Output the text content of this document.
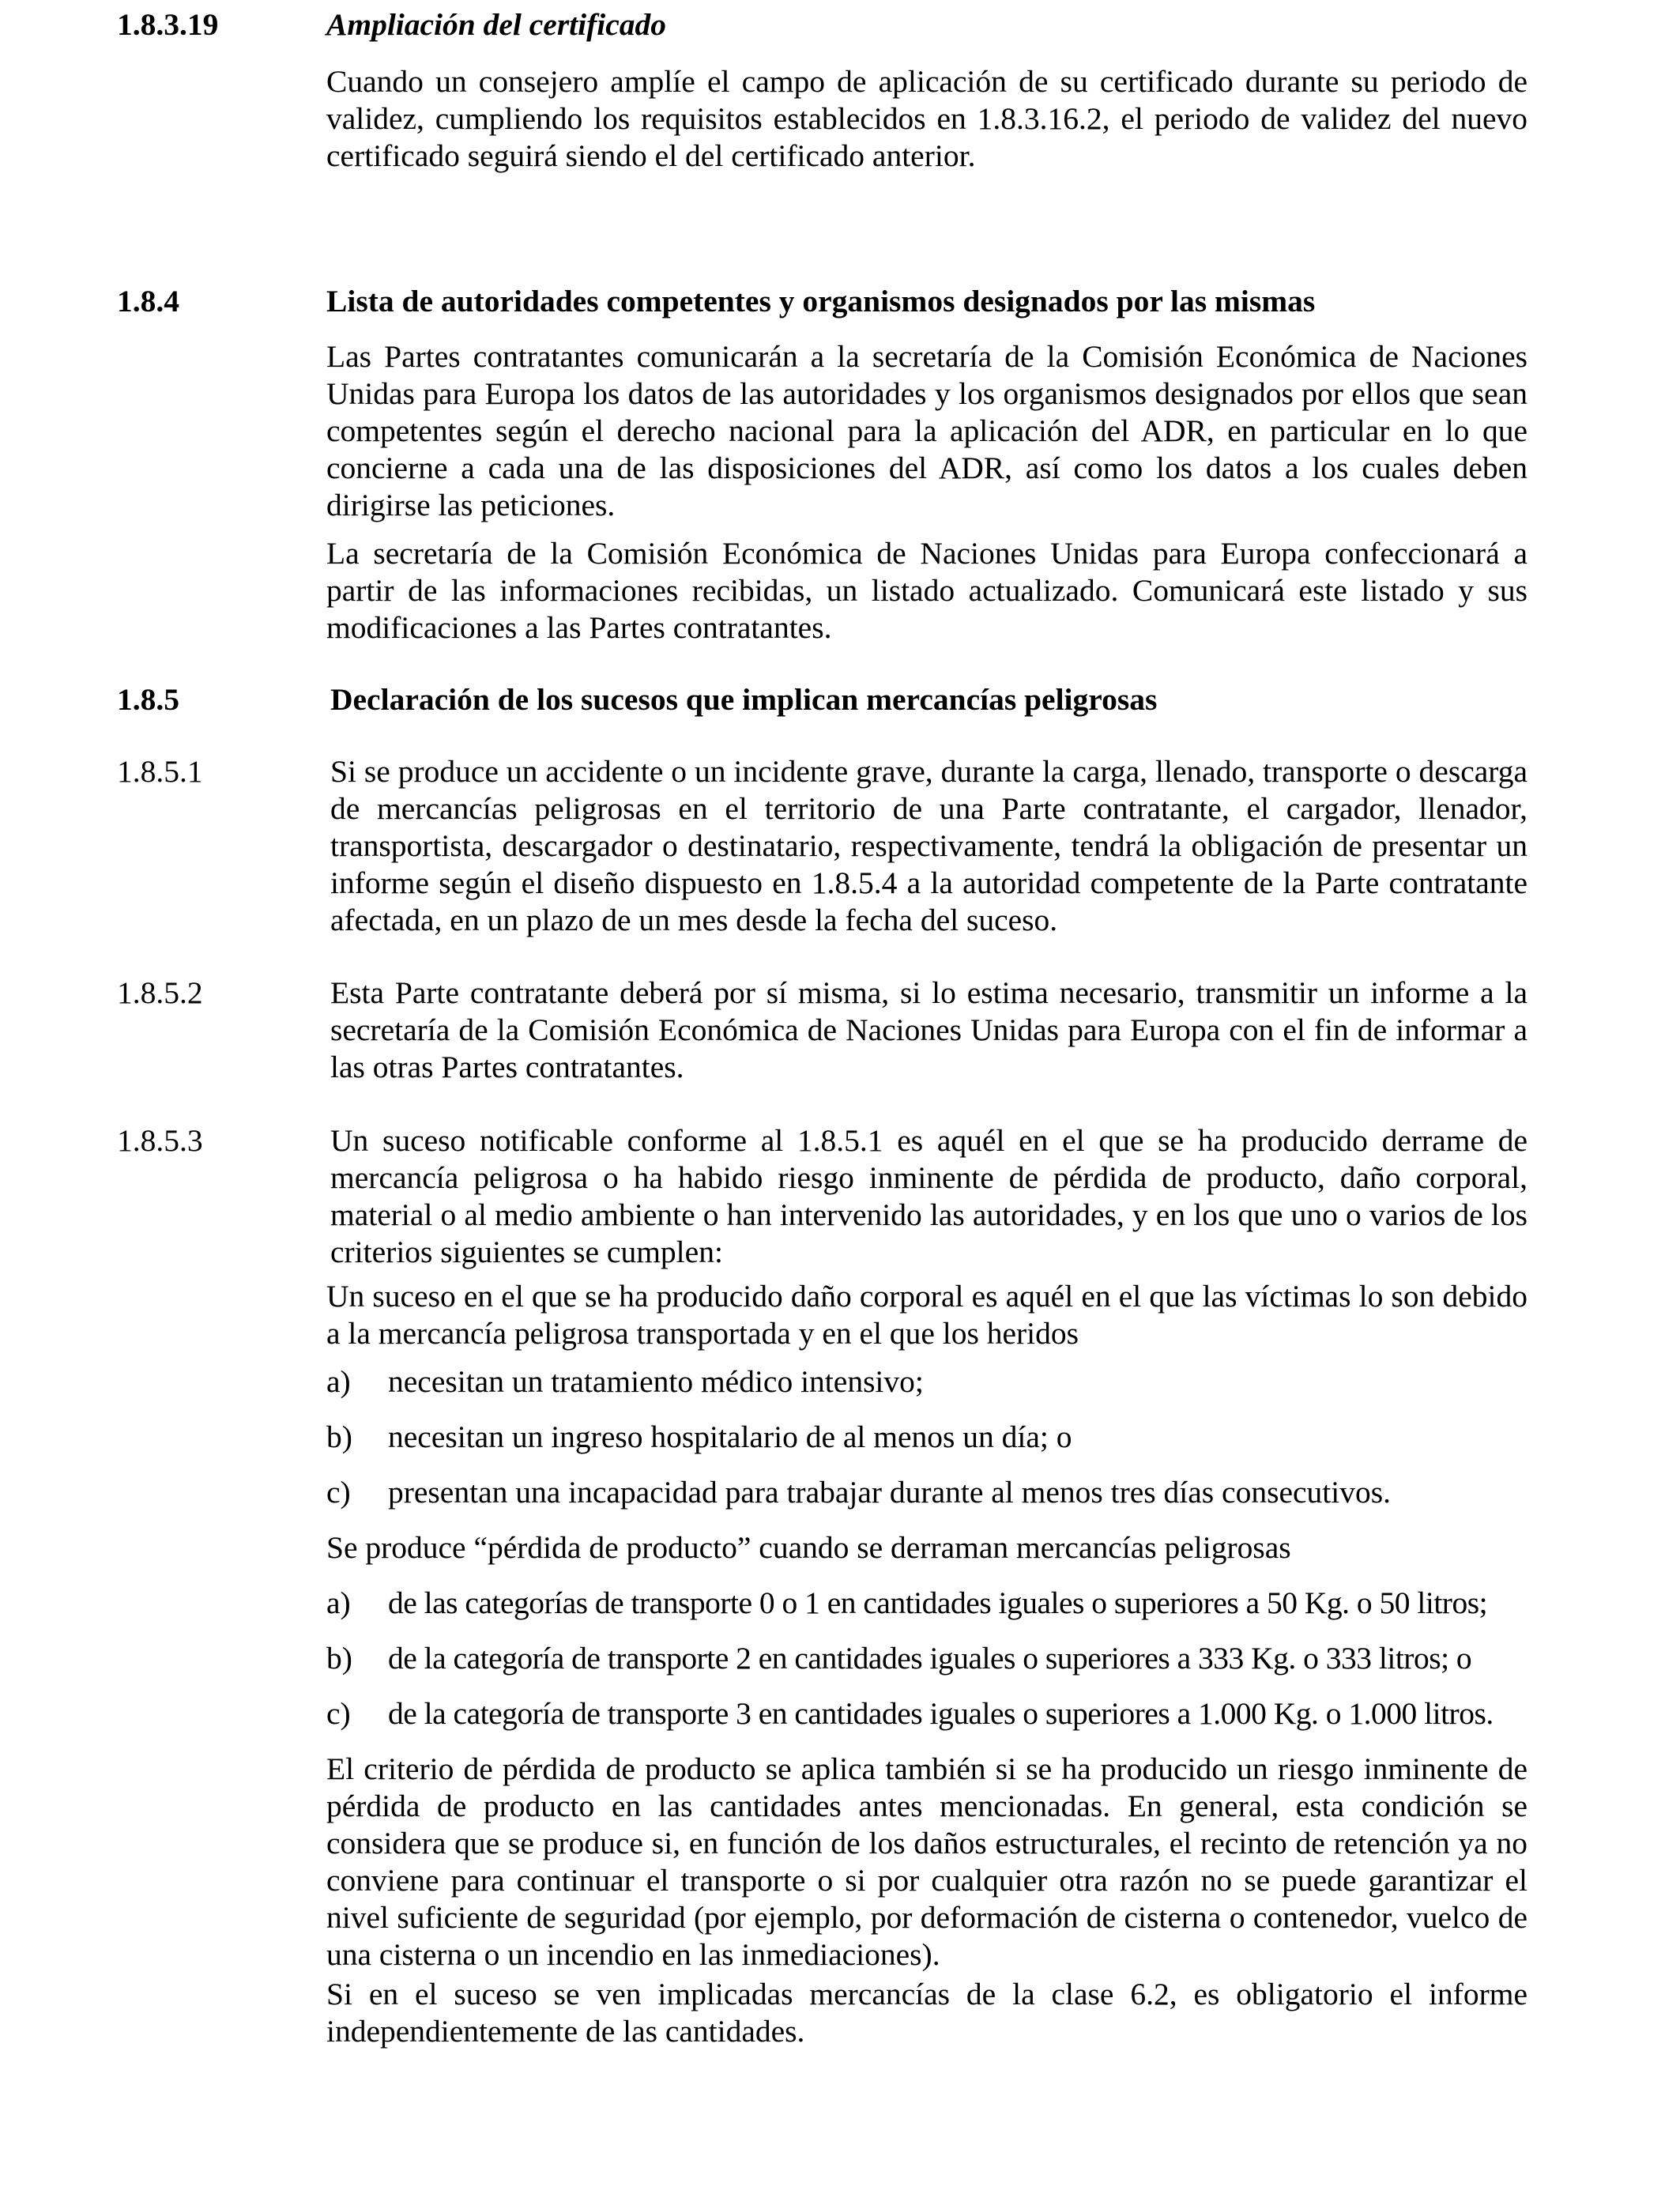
1.8.3.19	Ampliación del certificado

Cuando un consejero amplíe el campo de aplicación de su certificado durante su periodo de validez, cumpliendo los requisitos establecidos en 1.8.3.16.2, el periodo de validez del nuevo certificado seguirá siendo el del certificado anterior.

1.8.4	Lista de autoridades competentes y organismos designados por las mismas

Las Partes contratantes comunicarán a la secretaría de la Comisión Económica de Naciones Unidas para Europa los datos de las autoridades y los organismos designados por ellos que sean competentes según el derecho nacional para la aplicación del ADR, en particular en lo que concierne a cada una de las disposiciones del ADR, así como los datos a los cuales deben dirigirse las peticiones.

La secretaría de la Comisión Económica de Naciones Unidas para Europa confeccionará a partir de las informaciones recibidas, un listado actualizado. Comunicará este listado y sus modificaciones a las Partes contratantes.

1.8.5	Declaración de los sucesos que implican mercancías peligrosas
1.8.5.1	Si se produce un accidente o un incidente grave, durante la carga, llenado, transporte o descarga de mercancías peligrosas en el territorio de una Parte contratante, el cargador, llenador, transportista, descargador o destinatario, respectivamente, tendrá la obligación de presentar un informe según el diseño dispuesto en 1.8.5.4 a la autoridad competente de la Parte contratante afectada, en un plazo de un mes desde la fecha del suceso.

1.8.5.2	Esta Parte contratante deberá por sí misma, si lo estima necesario, transmitir un informe a la secretaría de la Comisión Económica de Naciones Unidas para Europa con el fin de informar a las otras Partes contratantes.

1.8.5.3	Un suceso notificable conforme al 1.8.5.1 es aquél en el que se ha producido derrame de mercancía peligrosa o ha habido riesgo inminente de pérdida de producto, daño corporal, material o al medio ambiente o han intervenido las autoridades, y en los que uno o varios de los criterios siguientes se cumplen:

Un suceso en el que se ha producido daño corporal es aquél en el que las víctimas lo son debido a la mercancía peligrosa transportada y en el que los heridos

a) necesitan un tratamiento médico intensivo;
b) necesitan un ingreso hospitalario de al menos un día; o
c) presentan una incapacidad para trabajar durante al menos tres días consecutivos.

Se produce “pérdida de producto” cuando se derraman mercancías peligrosas

a) de las categorías de transporte 0 o 1 en cantidades iguales o superiores a 50 Kg. o 50 litros;
b) de la categoría de transporte 2 en cantidades iguales o superiores a 333 Kg. o 333 litros; o
c) de la categoría de transporte 3 en cantidades iguales o superiores a 1.000 Kg. o 1.000 litros.

El criterio de pérdida de producto se aplica también si se ha producido un riesgo inminente de pérdida de producto en las cantidades antes mencionadas. En general, esta condición se considera que se produce si, en función de los daños estructurales, el recinto de retención ya no conviene para continuar el transporte o si por cualquier otra razón no se puede garantizar el nivel suficiente de seguridad (por ejemplo, por deformación de cisterna o contenedor, vuelco de una cisterna o un incendio en las inmediaciones).

Si en el suceso se ven implicadas mercancías de la clase 6.2, es obligatorio el informe independientemente de las cantidades.
